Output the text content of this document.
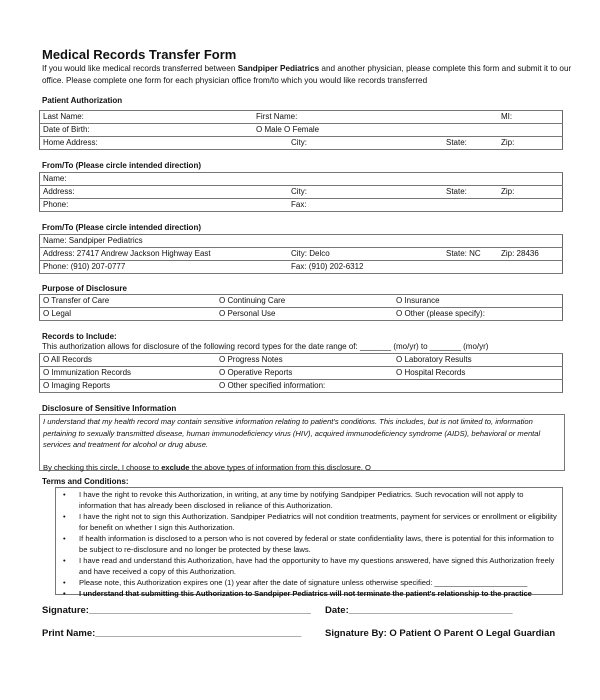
Medical Records Transfer Form
If you would like medical records transferred between Sandpiper Pediatrics and another physician, please complete this form and submit it to our office. Please complete one form for each physician office from/to which you would like records transferred
Patient Authorization
Last Name:	First Name:	MI:

Date of Birth:	O Male O Female

Home Address:	City:	State:	Zip:
From/To (Please circle intended direction)
Name:

Address:	City:	State:	Zip:

Phone:	Fax:
From/To (Please circle intended direction)
Name: Sandpiper Pediatrics

Address: 27417 Andrew Jackson Highway East	City: Delco	State: NC	Zip: 28436

Phone: (910) 207-0777	Fax: (910) 202-6312
Purpose of Disclosure
O Transfer of Care	O Continuing Care	O Insurance

O Legal	O Personal Use	O Other (please specify):
Records to Include:
This authorization allows for disclosure of the following record types for the date range of: _______ (mo/yr) to _______ (mo/yr)
O All Records	O Progress Notes	O Laboratory Results

O Immunization Records	O Operative Reports	O Hospital Records

O Imaging Reports	O Other specified information:
Disclosure of Sensitive Information
I understand that my health record may contain sensitive information relating to patient's conditions. This includes, but is not limited to, information pertaining to sexually transmitted disease, human immunodeficiency virus (HIV), acquired immunodeficiency syndrome (AIDS), behavioral or mental services and treatment for alcohol or drug abuse.
By checking this circle, I choose to exclude the above types of information from this disclosure. O
Terms and Conditions:
• I have the right to revoke this Authorization, in writing, at any time by notifying Sandpiper Pediatrics. Such revocation will not apply to information that has already been disclosed in reliance of this Authorization.
• I have the right not to sign this Authorization. Sandpiper Pediatrics will not condition treatments, payment for services or enrollment or eligibility for benefit on whether I sign this Authorization.
• If health information is disclosed to a person who is not covered by federal or state confidentiality laws, there is potential for this information to be subject to re-disclosure and no longer be protected by these laws.
• I have read and understand this Authorization, have had the opportunity to have my questions answered, have signed this Authorization freely and have received a copy of this Authorization.
• Please note, this Authorization expires one (1) year after the date of signature unless otherwise specified: ______________________
• I understand that submitting this Authorization to Sandpiper Pediatrics will not terminate the patient's relationship to the practice
Signature:__________________________________________ Date:_______________________________
Print Name:_______________________________________ Signature By: O Patient O Parent O Legal Guardian
